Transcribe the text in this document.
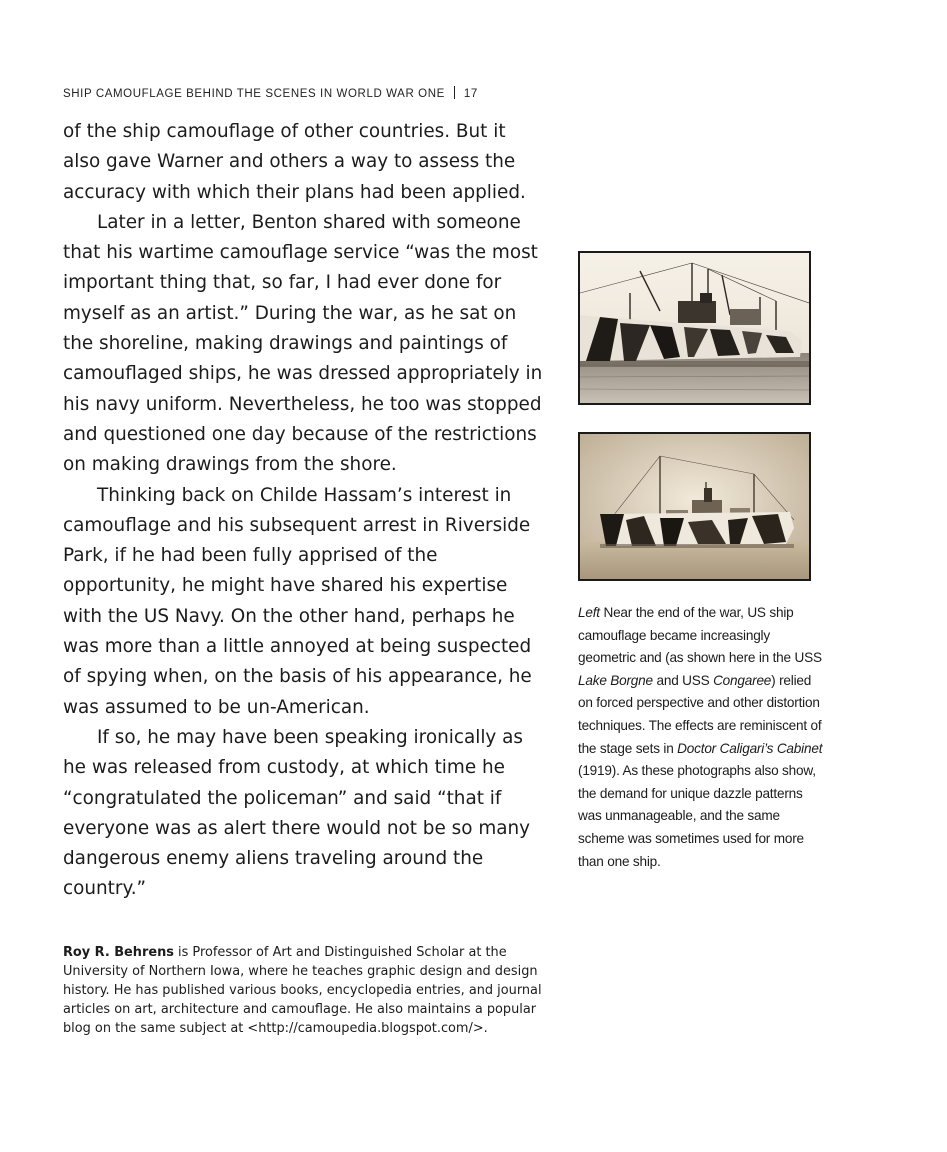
SHIP CAMOUFLAGE BEHIND THE SCENES IN WORLD WAR ONE 17

of the ship camouflage of other countries. But it also gave Warner and others a way to assess the accuracy with which their plans had been applied.

Later in a letter, Benton shared with someone that his wartime camouflage service “was the most important thing that, so far, I had ever done for myself as an artist.” During the war, as he sat on the shoreline, making drawings and paintings of camouflaged ships, he was dressed appropriately in his navy uniform. Nevertheless, he too was stopped and questioned one day because of the restrictions on making drawings from the shore.

Thinking back on Childe Hassam’s interest in camouflage and his subsequent arrest in Riverside Park, if he had been fully apprised of the opportunity, he might have shared his expertise with the US Navy. On the other hand, perhaps he was more than a little annoyed at being suspected of spying when, on the basis of his appearance, he was assumed to be un-American.

If so, he may have been speaking ironically as he was released from custody, at which time he “congratulated the policeman” and said “that if everyone was as alert there would not be so many dangerous enemy aliens traveling around the country.”

Roy R. Behrens is Professor of Art and Distinguished Scholar at the University of Northern Iowa, where he teaches graphic design and design history. He has published various books, encyclopedia entries, and journal articles on art, architecture and camouflage. He also maintains a popular blog on the same subject at <http://camoupedia.blogspot.com/>.
Left Near the end of the war, US ship camouflage became increasingly geometric and (as shown here in the USS Lake Borgne and USS Congaree) relied on forced perspective and other distortion techniques. The effects are reminiscent of the stage sets in Doctor Caligari’s Cabinet (1919). As these photographs also show, the demand for unique dazzle patterns was unmanageable, and the same scheme was sometimes used for more than one ship.
